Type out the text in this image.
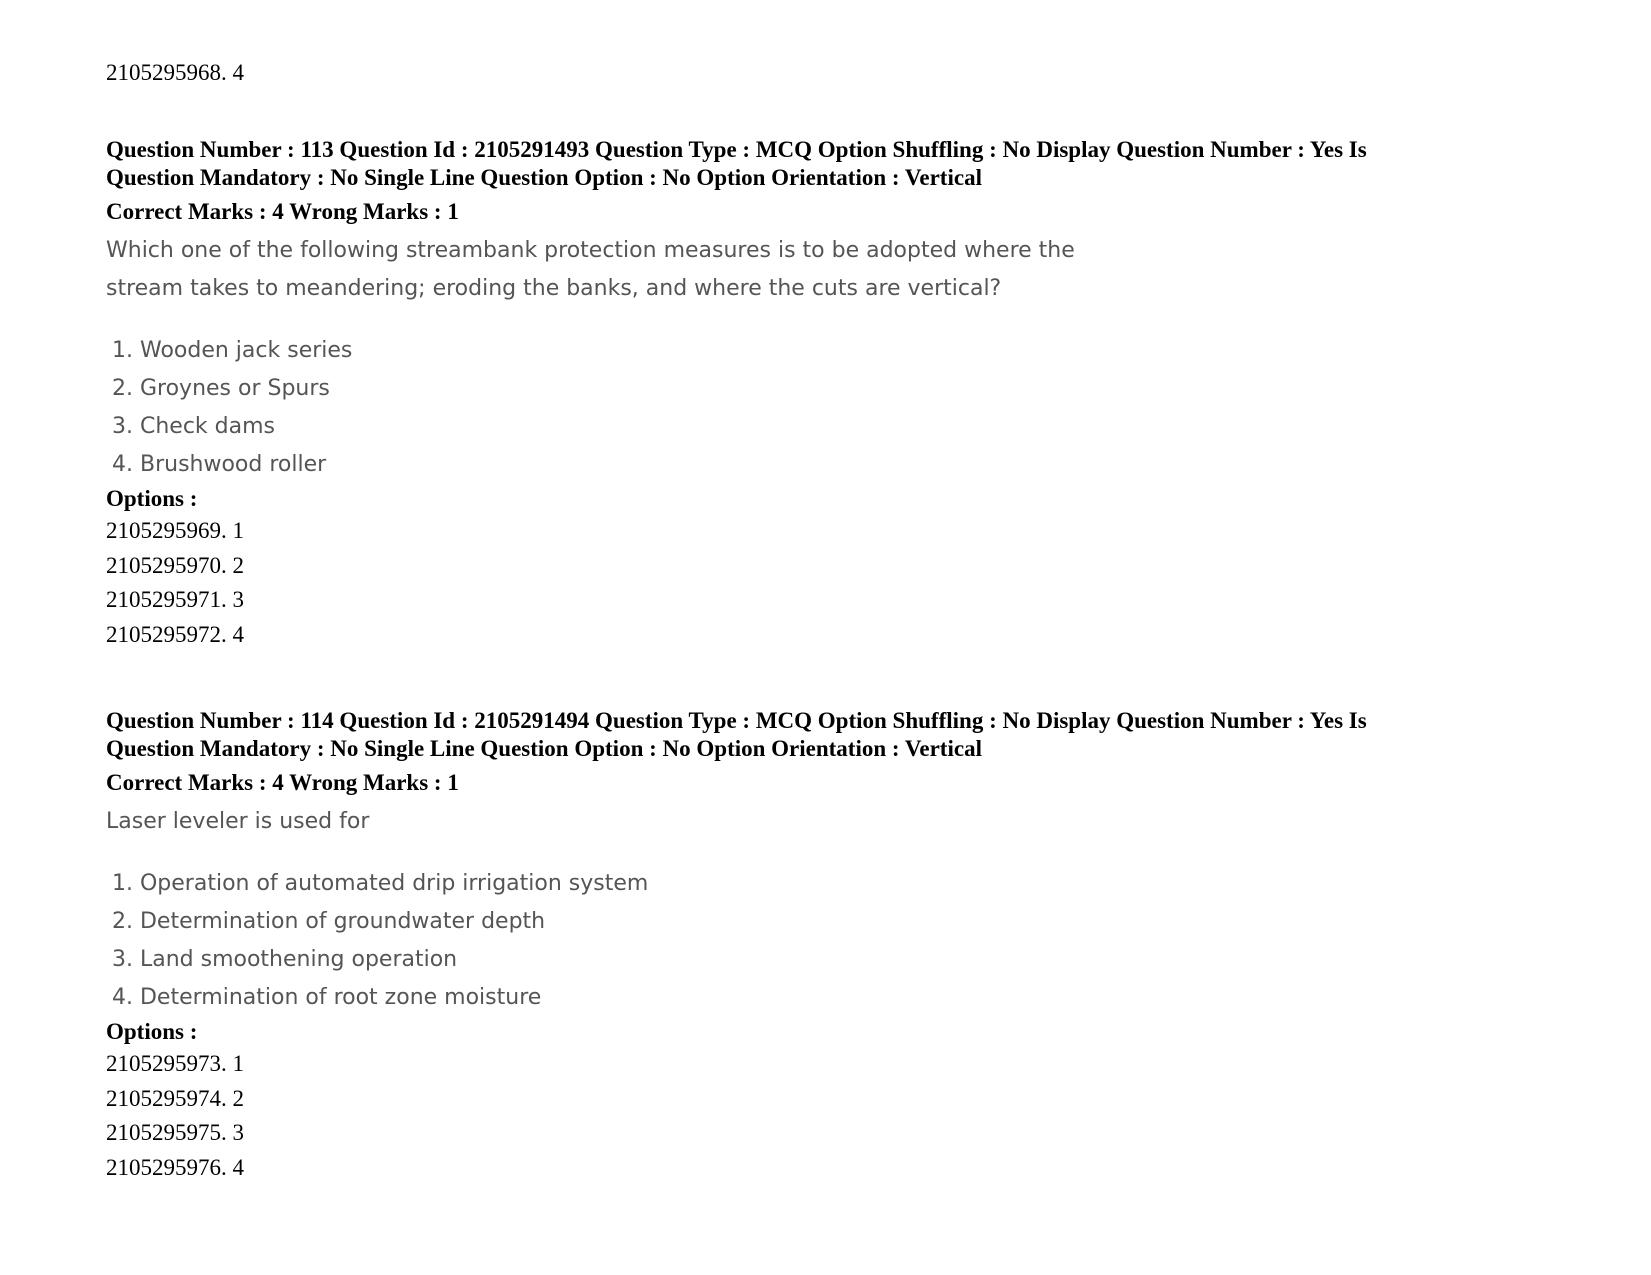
2105295968. 4
Question Number : 113 Question Id : 2105291493 Question Type : MCQ Option Shuffling : No Display Question Number : Yes Is
Question Mandatory : No Single Line Question Option : No Option Orientation : Vertical
Correct Marks : 4 Wrong Marks : 1
Which one of the following streambank protection measures is to be adopted where the
stream takes to meandering; eroding the banks, and where the cuts are vertical?
1. Wooden jack series
2. Groynes or Spurs
3. Check dams
4. Brushwood roller
Options :
2105295969. 1
2105295970. 2
2105295971. 3
2105295972. 4
Question Number : 114 Question Id : 2105291494 Question Type : MCQ Option Shuffling : No Display Question Number : Yes Is
Question Mandatory : No Single Line Question Option : No Option Orientation : Vertical
Correct Marks : 4 Wrong Marks : 1
Laser leveler is used for
1. Operation of automated drip irrigation system
2. Determination of groundwater depth
3. Land smoothening operation
4. Determination of root zone moisture
Options :
2105295973. 1
2105295974. 2
2105295975. 3
2105295976. 4
